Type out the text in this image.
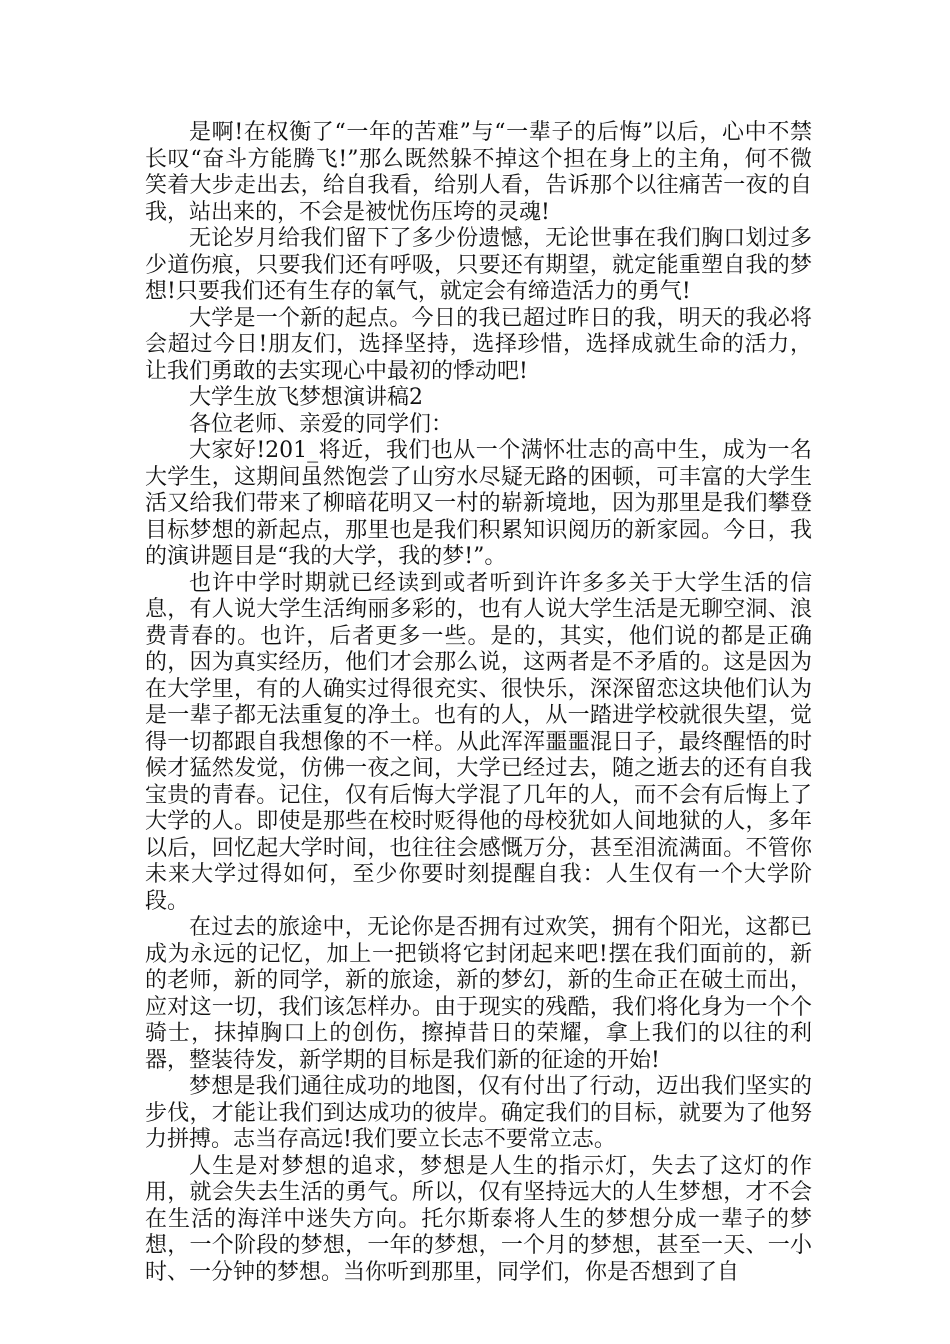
是啊!在权衡了“一年的苦难”与“一辈子的后悔”以后，心中不禁长叹“奋斗方能腾飞!”那么既然躲不掉这个担在身上的主角，何不微笑着大步走出去，给自我看，给别人看，告诉那个以往痛苦一夜的自我，站出来的，不会是被忧伤压垮的灵魂!

无论岁月给我们留下了多少份遗憾，无论世事在我们胸口划过多少道伤痕，只要我们还有呼吸，只要还有期望，就定能重塑自我的梦想!只要我们还有生存的氧气，就定会有缔造活力的勇气!

大学是一个新的起点。今日的我已超过昨日的我，明天的我必将会超过今日!朋友们，选择坚持，选择珍惜，选择成就生命的活力，让我们勇敢的去实现心中最初的悸动吧!

大学生放飞梦想演讲稿2

各位老师、亲爱的同学们：

大家好!201_将近，我们也从一个满怀壮志的高中生，成为一名大学生，这期间虽然饱尝了山穷水尽疑无路的困顿，可丰富的大学生活又给我们带来了柳暗花明又一村的崭新境地，因为那里是我们攀登目标梦想的新起点，那里也是我们积累知识阅历的新家园。今日，我的演讲题目是“我的大学，我的梦!”。

也许中学时期就已经读到或者听到许许多多关于大学生活的信息，有人说大学生活绚丽多彩的，也有人说大学生活是无聊空洞、浪费青春的。也许，后者更多一些。是的，其实，他们说的都是正确的，因为真实经历，他们才会那么说，这两者是不矛盾的。这是因为在大学里，有的人确实过得很充实、很快乐，深深留恋这块他们认为是一辈子都无法重复的净土。也有的人，从一踏进学校就很失望，觉得一切都跟自我想像的不一样。从此浑浑噩噩混日子，最终醒悟的时候才猛然发觉，仿佛一夜之间，大学已经过去，随之逝去的还有自我宝贵的青春。记住，仅有后悔大学混了几年的人，而不会有后悔上了大学的人。即使是那些在校时贬得他的母校犹如人间地狱的人，多年以后，回忆起大学时间，也往往会感慨万分，甚至泪流满面。不管你未来大学过得如何，至少你要时刻提醒自我：人生仅有一个大学阶段。

在过去的旅途中，无论你是否拥有过欢笑，拥有个阳光，这都已成为永远的记忆，加上一把锁将它封闭起来吧!摆在我们面前的，新的老师，新的同学，新的旅途，新的梦幻，新的生命正在破土而出，应对这一切，我们该怎样办。由于现实的残酷，我们将化身为一个个骑士，抹掉胸口上的创伤，擦掉昔日的荣耀，拿上我们的以往的利器，整装待发，新学期的目标是我们新的征途的开始!

梦想是我们通往成功的地图，仅有付出了行动，迈出我们坚实的步伐，才能让我们到达成功的彼岸。确定我们的目标，就要为了他努力拼搏。志当存高远!我们要立长志不要常立志。

人生是对梦想的追求，梦想是人生的指示灯，失去了这灯的作用，就会失去生活的勇气。所以，仅有坚持远大的人生梦想，才不会在生活的海洋中迷失方向。托尔斯泰将人生的梦想分成一辈子的梦想，一个阶段的梦想，一年的梦想，一个月的梦想，甚至一天、一小时、一分钟的梦想。当你听到那里，同学们，你是否想到了自
